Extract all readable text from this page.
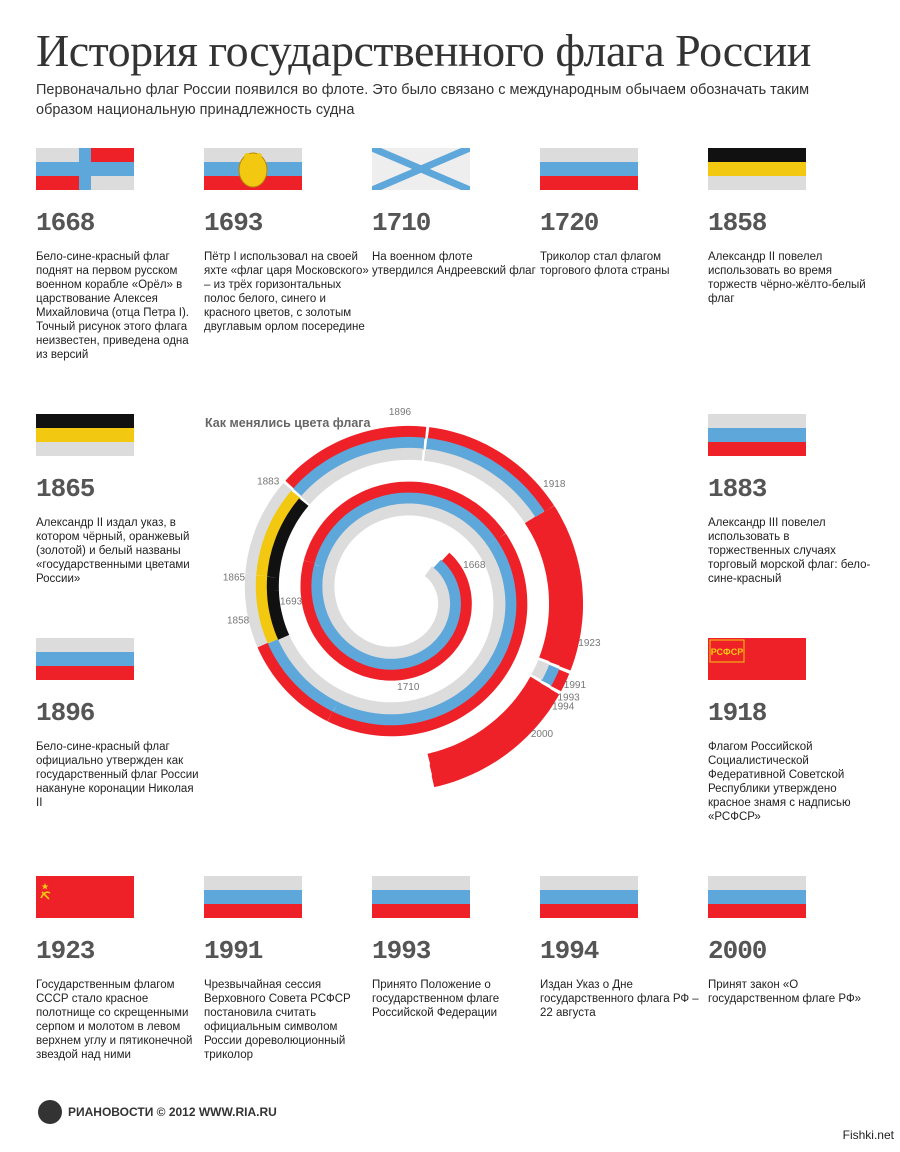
История государственного флага России
Первоначально флаг России появился во флоте. Это было связано с международным обычаем обозначать таким образом национальную принадлежность судна
1668
1693
1710
1858
1865
1883
1896
1918
1923
1991
1993
1994
2000
Как менялись цвета флага
1668
Бело-сине-красный флаг поднят на первом русском военном корабле «Орёл» в царствование Алексея Михайловича (отца Петра I). Точный рисунок этого флага неизвестен, приведена одна из версий
1693
Пётр I использовал на своей яхте «флаг царя Московского» – из трёх горизонтальных полос белого, синего и красного цветов, с золотым двуглавым орлом посередине
1710
На военном флоте утвердился Андреевский флаг
1720
Триколор стал флагом торгового флота страны
1858
Александр II повелел использовать во время торжеств чёрно-жёлто-белый флаг
1865
Александр II издал указ, в котором чёрный, оранжевый (золотой) и белый названы «государственными цветами России»
1883
Александр III повелел использовать в торжественных случаях торговый морской флаг: бело-сине-красный
1896
Бело-сине-красный флаг официально утвержден как государственный флаг России накануне коронации Николая II
РСФСР
1918
Флагом Российской Социалистической Федеративной Советской Республики утверждено красное знамя с надписью «РСФСР»
1923
Государственным флагом СССР стало красное полотнище со скрещенными серпом и молотом в левом верхнем углу и пятиконечной звездой над ними
1991
Чрезвычайная сессия Верховного Совета РСФСР постановила считать официальным символом России дореволюционный триколор
1993
Принято Положение о государственном флаге Российской Федерации
1994
Издан Указ о Дне государственного флага РФ – 22 августа
2000
Принят закон «О государственном флаге РФ»
РИАНОВОСТИ © 2012 WWW.RIA.RU
Fishki.net
